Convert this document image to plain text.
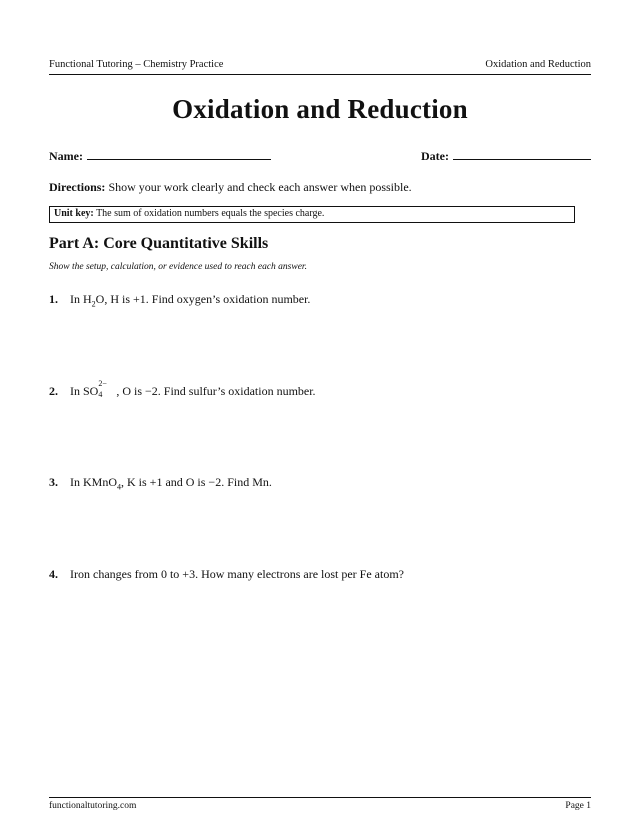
Functional Tutoring – Chemistry Practice	Oxidation and Reduction
Oxidation and Reduction
Name:	Date:
Directions: Show your work clearly and check each answer when possible.
Unit key: The sum of oxidation numbers equals the species charge.
Part A: Core Quantitative Skills
Show the setup, calculation, or evidence used to reach each answer.
1. In $H_2O$, H is +1. Find oxygen’s oxidation number.
2. In SO
2−
4 , O is −2. Find sulfur’s oxidation number.
3. In KMnO$_4$, K is +1 and O is −2. Find Mn.
4. Iron changes from 0 to +3. How many electrons are lost per Fe atom?
functionaltutoring.com	Page 1
